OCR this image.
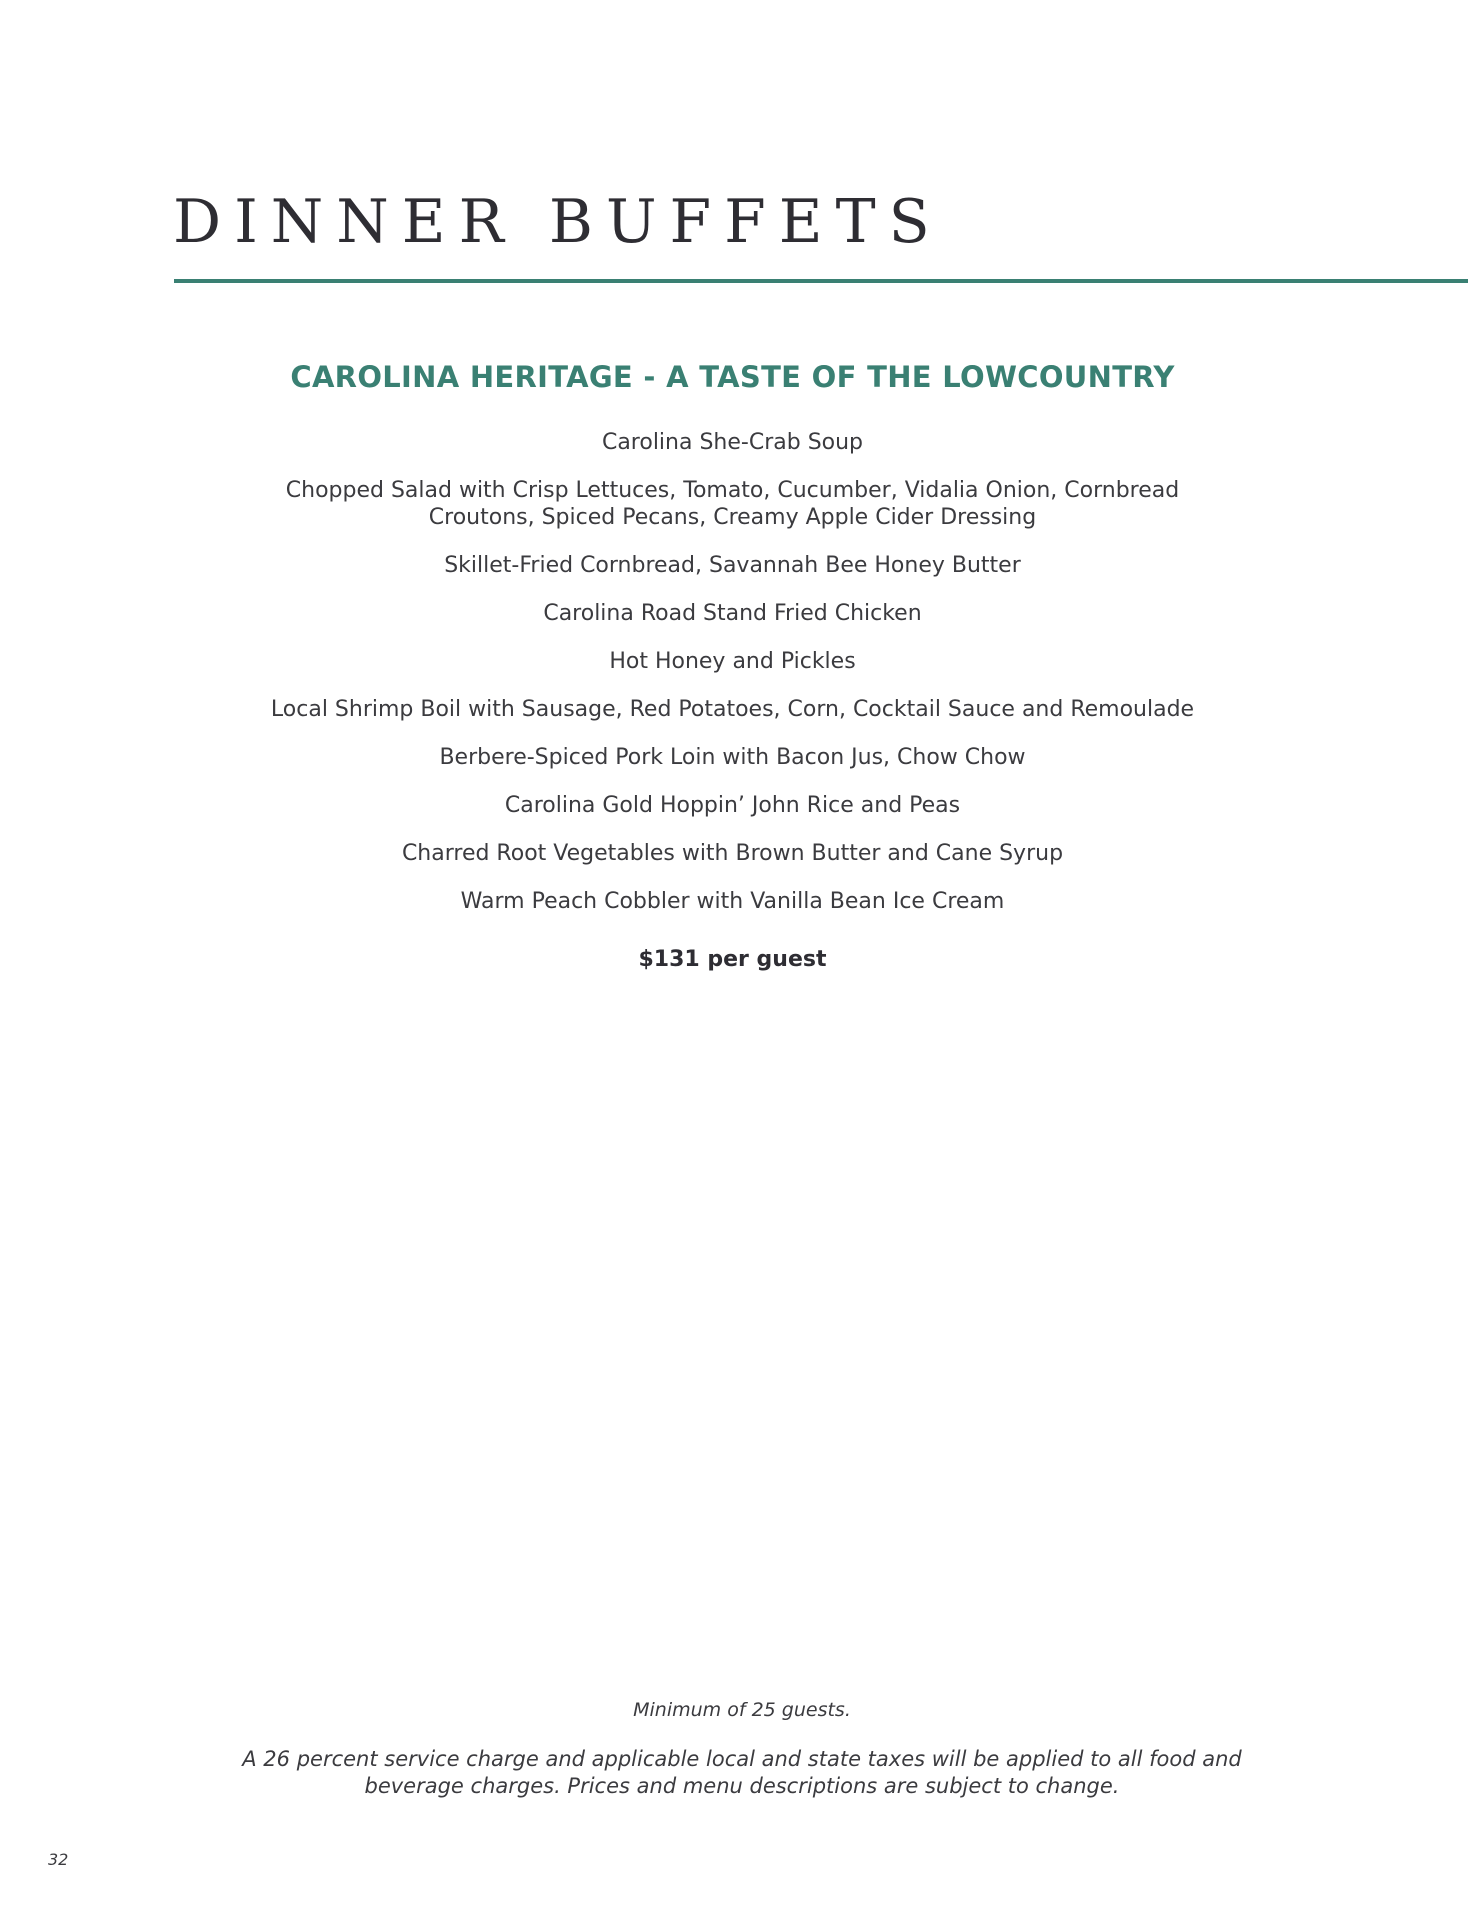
DINNER BUFFETS
CAROLINA HERITAGE - A TASTE OF THE LOWCOUNTRY
Carolina She-Crab Soup
Chopped Salad with Crisp Lettuces, Tomato, Cucumber, Vidalia Onion, Cornbread Croutons, Spiced Pecans, Creamy Apple Cider Dressing
Skillet-Fried Cornbread, Savannah Bee Honey Butter
Carolina Road Stand Fried Chicken
Hot Honey and Pickles
Local Shrimp Boil with Sausage, Red Potatoes, Corn, Cocktail Sauce and Remoulade
Berbere-Spiced Pork Loin with Bacon Jus, Chow Chow
Carolina Gold Hoppin’ John Rice and Peas
Charred Root Vegetables with Brown Butter and Cane Syrup
Warm Peach Cobbler with Vanilla Bean Ice Cream
$131 per guest

Minimum of 25 guests.

A 26 percent service charge and applicable local and state taxes will be applied to all food and beverage charges. Prices and menu descriptions are subject to change.

32
